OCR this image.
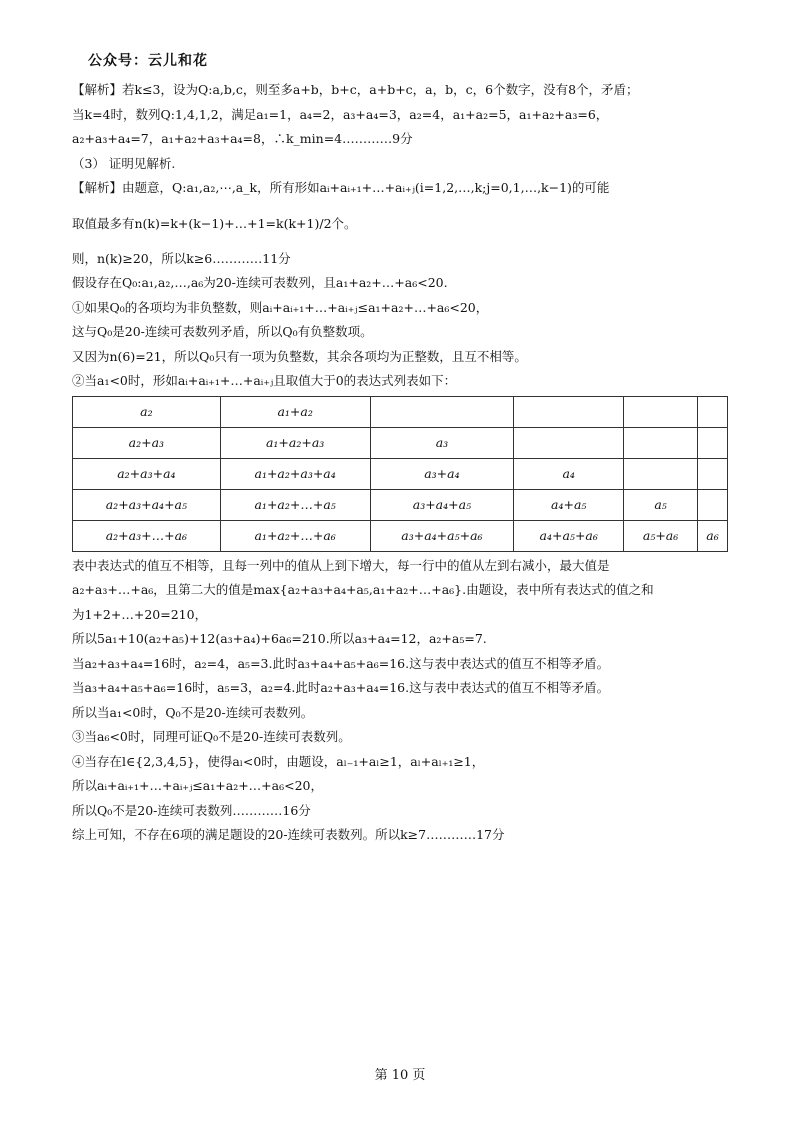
公众号：云儿和花
【解析】若k≤3，设为Q:a,b,c，则至多a+b，b+c，a+b+c，a，b，c，6个数字，没有8个，矛盾；
当k=4时，数列Q:1,4,1,2，满足a₁=1，a₄=2，a₃+a₄=3，a₂=4，a₁+a₂=5，a₁+a₂+a₃=6，
a₂+a₃+a₄=7，a₁+a₂+a₃+a₄=8，∴k_min=4…………9分
（3） 证明见解析.
【解析】由题意，Q:a₁,a₂,⋯,a_k，所有形如aᵢ+aᵢ₊₁+…+aᵢ₊ⱼ(i=1,2,…,k;j=0,1,…,k−1)的可能
取值最多有n(k)=k+(k−1)+…+1=k(k+1)/2个。
则，n(k)≥20，所以k≥6…………11分
假设存在Q₀:a₁,a₂,…,a₆为20-连续可表数列，且a₁+a₂+…+a₆<20.
①如果Q₀的各项均为非负整数，则aᵢ+aᵢ₊₁+…+aᵢ₊ⱼ≤a₁+a₂+…+a₆<20，
这与Q₀是20-连续可表数列矛盾，所以Q₀有负整数项。
又因为n(6)=21，所以Q₀只有一项为负整数，其余各项均为正整数，且互不相等。
②当a₁<0时，形如aᵢ+aᵢ₊₁+…+aᵢ₊ⱼ且取值大于0的表达式列表如下：
a₂	a₁+a₂				
a₂+a₃	a₁+a₂+a₃	a₃			
a₂+a₃+a₄	a₁+a₂+a₃+a₄	a₃+a₄	a₄		
a₂+a₃+a₄+a₅	a₁+a₂+…+a₅	a₃+a₄+a₅	a₄+a₅	a₅	
a₂+a₃+…+a₆	a₁+a₂+…+a₆	a₃+a₄+a₅+a₆	a₄+a₅+a₆	a₅+a₆	a₆
表中表达式的值互不相等，且每一列中的值从上到下增大，每一行中的值从左到右减小，最大值是
a₂+a₃+…+a₆，且第二大的值是max{a₂+a₃+a₄+a₅,a₁+a₂+…+a₆}.由题设，表中所有表达式的值之和
为1+2+…+20=210，
所以5a₁+10(a₂+a₅)+12(a₃+a₄)+6a₆=210.所以a₃+a₄=12，a₂+a₅=7.
当a₂+a₃+a₄=16时，a₂=4，a₅=3.此时a₃+a₄+a₅+a₆=16.这与表中表达式的值互不相等矛盾。
当a₃+a₄+a₅+a₆=16时，a₅=3，a₂=4.此时a₂+a₃+a₄=16.这与表中表达式的值互不相等矛盾。
所以当a₁<0时，Q₀不是20-连续可表数列。
③当a₆<0时，同理可证Q₀不是20-连续可表数列。
④当存在l∈{2,3,4,5}，使得aₗ<0时，由题设，aₗ₋₁+aₗ≥1，aₗ+aₗ₊₁≥1，
所以aᵢ+aᵢ₊₁+…+aᵢ₊ⱼ≤a₁+a₂+…+a₆<20，
所以Q₀不是20-连续可表数列…………16分
综上可知，不存在6项的满足题设的20-连续可表数列。所以k≥7…………17分
第 10 页
